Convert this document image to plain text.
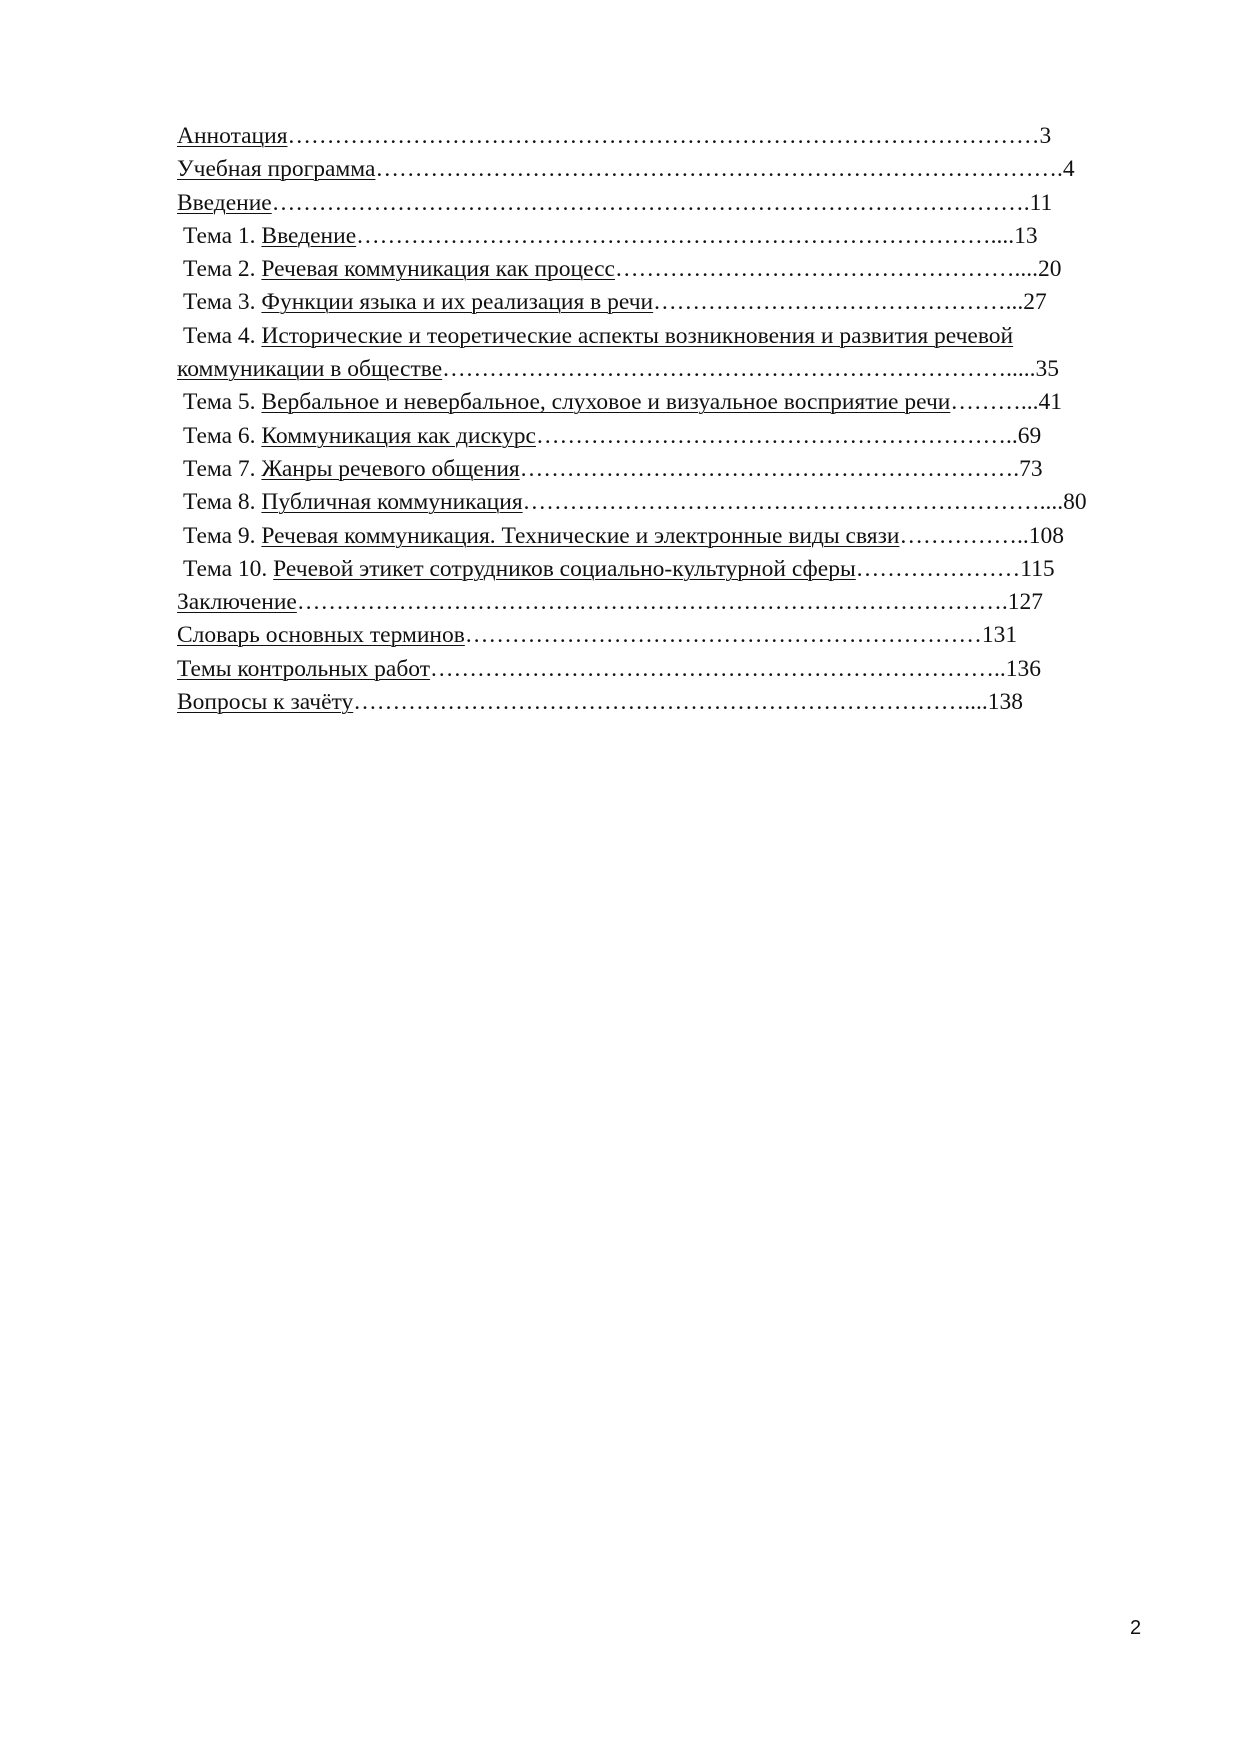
Аннотация……………………………………………………………………………………3
Учебная программа…………………………………………………………………………….4
Введение…………………………………………………………………………………….11
Тема 1. Введение………………………………………………………………………....13
Тема 2. Речевая коммуникация как процесс……………………………………………....20
Тема 3. Функции языка и их реализация в речи………………………………………...27
Тема 4. Исторические и теоретические аспекты возникновения и развития речевой
коммуникации в обществе……………………………………………………………….....35
Тема 5. Вербальное и невербальное, слуховое и визуальное восприятие речи………...41
Тема 6. Коммуникация как дискурс……………………………………………………..69
Тема 7. Жанры речевого общения……………………………………………………….73
Тема 8. Публичная коммуникация…………………………………………………………....80
Тема 9. Речевая коммуникация. Технические и электронные виды связи……………..108
Тема 10. Речевой этикет сотрудников социально-культурной сферы…………………115
Заключение……………………………………………………………………………….127
Словарь основных терминов…………………………………………………………131
Темы контрольных работ………………………………………………………………..136
Вопросы к зачёту……………………………………………………………………....138
2
